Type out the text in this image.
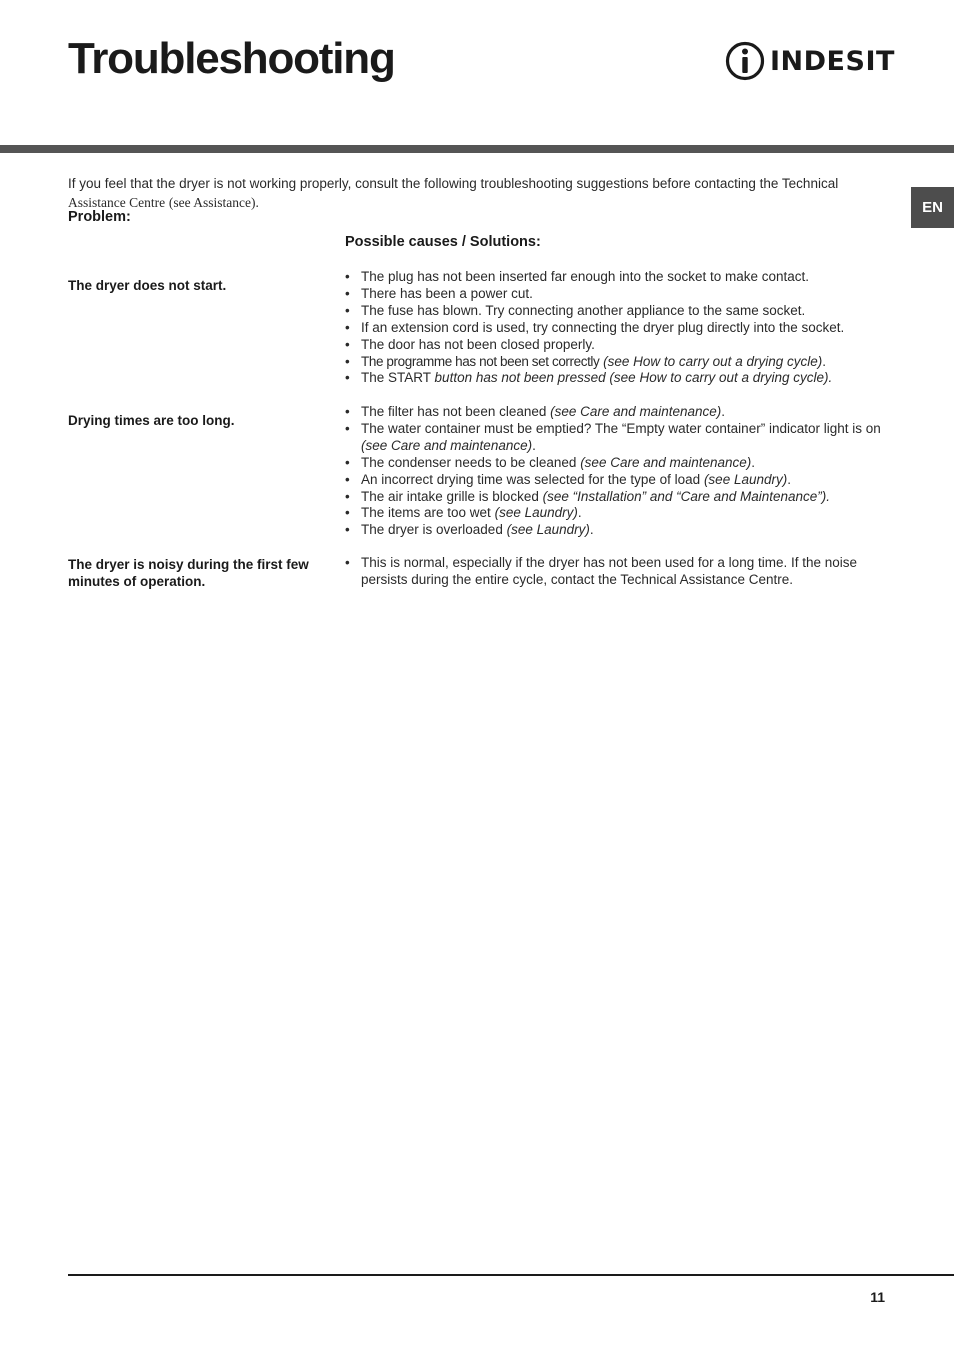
Troubleshooting	INDESIT
EN

If you feel that the dryer is not working properly, consult the following troubleshooting suggestions before contacting the Technical
Assistance Centre (see Assistance).

Problem:

Possible causes / Solutions:

The dryer does not start.

• The plug has not been inserted far enough into the socket to make contact.
• There has been a power cut.
• The fuse has blown. Try connecting another appliance to the same socket.
• If an extension cord is used, try connecting the dryer plug directly into the socket.
• The door has not been closed properly.
• The programme has not been set correctly (see How to carry out a drying cycle).
• The START button has not been pressed (see How to carry out a drying cycle).

Drying times are too long.

• The filter has not been cleaned (see Care and maintenance).
• The water container must be emptied? The “Empty water container” indicator light is on (see Care and maintenance).
• The condenser needs to be cleaned (see Care and maintenance).
• An incorrect drying time was selected for the type of load (see Laundry).
• The air intake grille is blocked (see “Installation” and “Care and Maintenance”).
• The items are too wet (see Laundry).
• The dryer is overloaded (see Laundry).

The dryer is noisy during the first few minutes of operation.

• This is normal, especially if the dryer has not been used for a long time. If the noise persists during the entire cycle, contact the Technical Assistance Centre.
11
